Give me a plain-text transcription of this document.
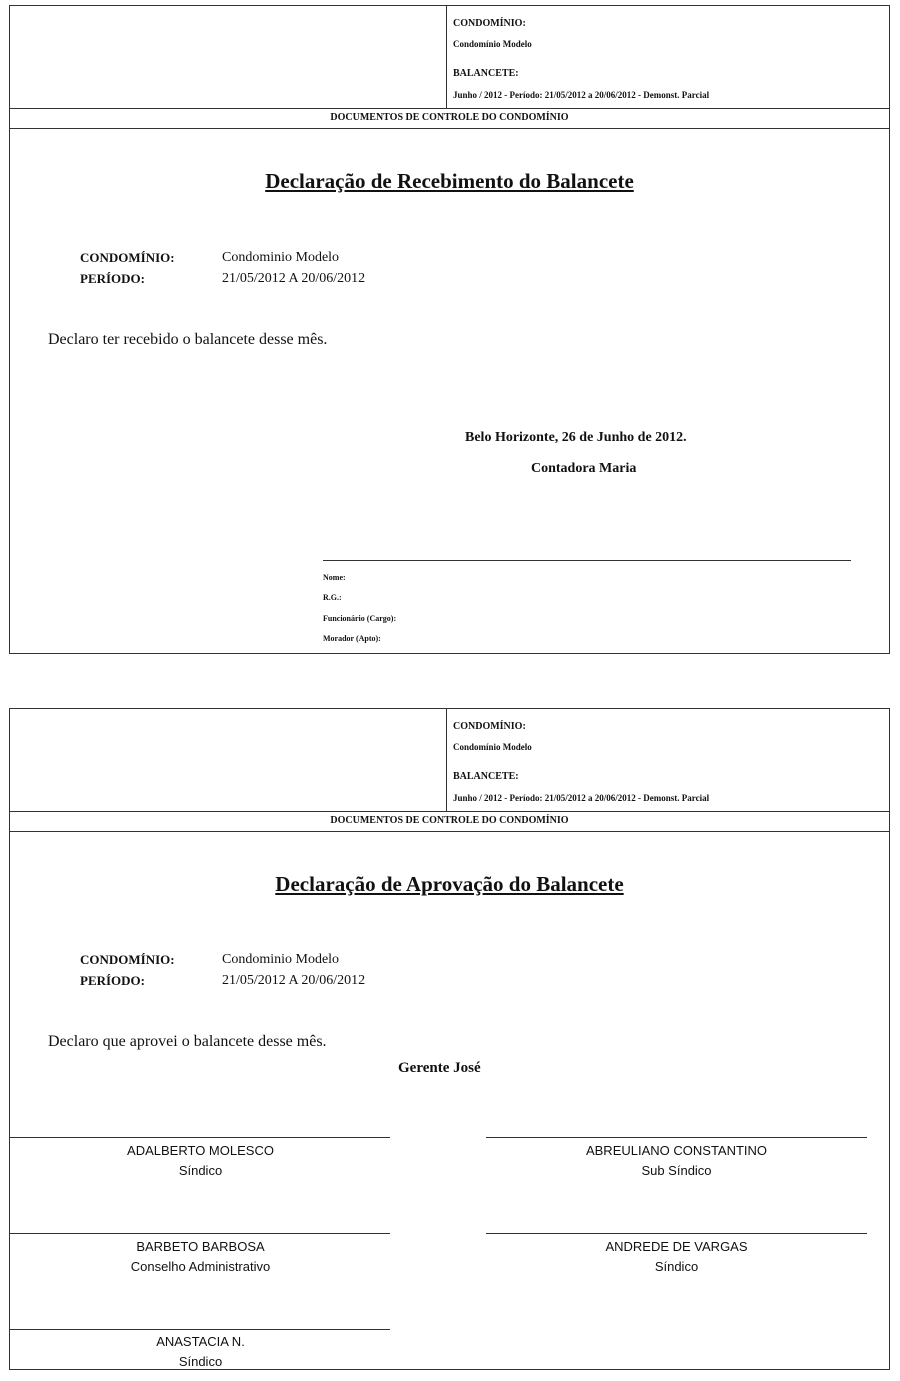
CONDOMÍNIO:
Condomínio Modelo
BALANCETE:
Junho / 2012 - Período: 21/05/2012 a 20/06/2012 - Demonst. Parcial
DOCUMENTOS DE CONTROLE DO CONDOMÍNIO
Declaração de Recebimento do Balancete
CONDOMÍNIO:	Condominio Modelo
PERÍODO:	21/05/2012 A 20/06/2012
Declaro ter recebido o balancete desse mês.
Belo Horizonte, 26 de Junho de 2012.
Contadora Maria
Nome:
R.G.:
Funcionário (Cargo):
Morador (Apto):
CONDOMÍNIO:
Condomínio Modelo
BALANCETE:
Junho / 2012 - Período: 21/05/2012 a 20/06/2012 - Demonst. Parcial
DOCUMENTOS DE CONTROLE DO CONDOMÍNIO
Declaração de Aprovação do Balancete
CONDOMÍNIO:	Condominio Modelo
PERÍODO:	21/05/2012 A 20/06/2012
Declaro que aprovei o balancete desse mês.
Gerente José
ADALBERTO MOLESCO
Síndico
ABREULIANO CONSTANTINO
Sub Síndico
BARBETO BARBOSA
Conselho Administrativo
ANDREDE DE VARGAS
Síndico
ANASTACIA N.
Síndico
